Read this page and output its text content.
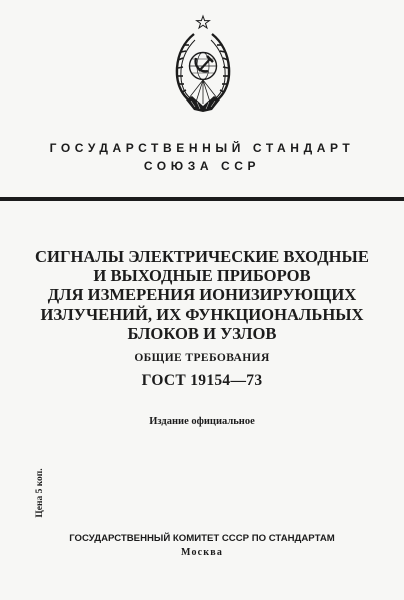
ГОСУДАРСТВЕННЫЙ СТАНДАРТ
СОЮЗА ССР
СИГНАЛЫ ЭЛЕКТРИЧЕСКИЕ ВХОДНЫЕ
И ВЫХОДНЫЕ ПРИБОРОВ
ДЛЯ ИЗМЕРЕНИЯ ИОНИЗИРУЮЩИХ
ИЗЛУЧЕНИЙ, ИХ ФУНКЦИОНАЛЬНЫХ
БЛОКОВ И УЗЛОВ
ОБЩИЕ ТРЕБОВАНИЯ
ГОСТ 19154—73
Издание официальное
Цена 5 коп.
ГОСУДАРСТВЕННЫЙ КОМИТЕТ СССР ПО СТАНДАРТАМ
Москва
